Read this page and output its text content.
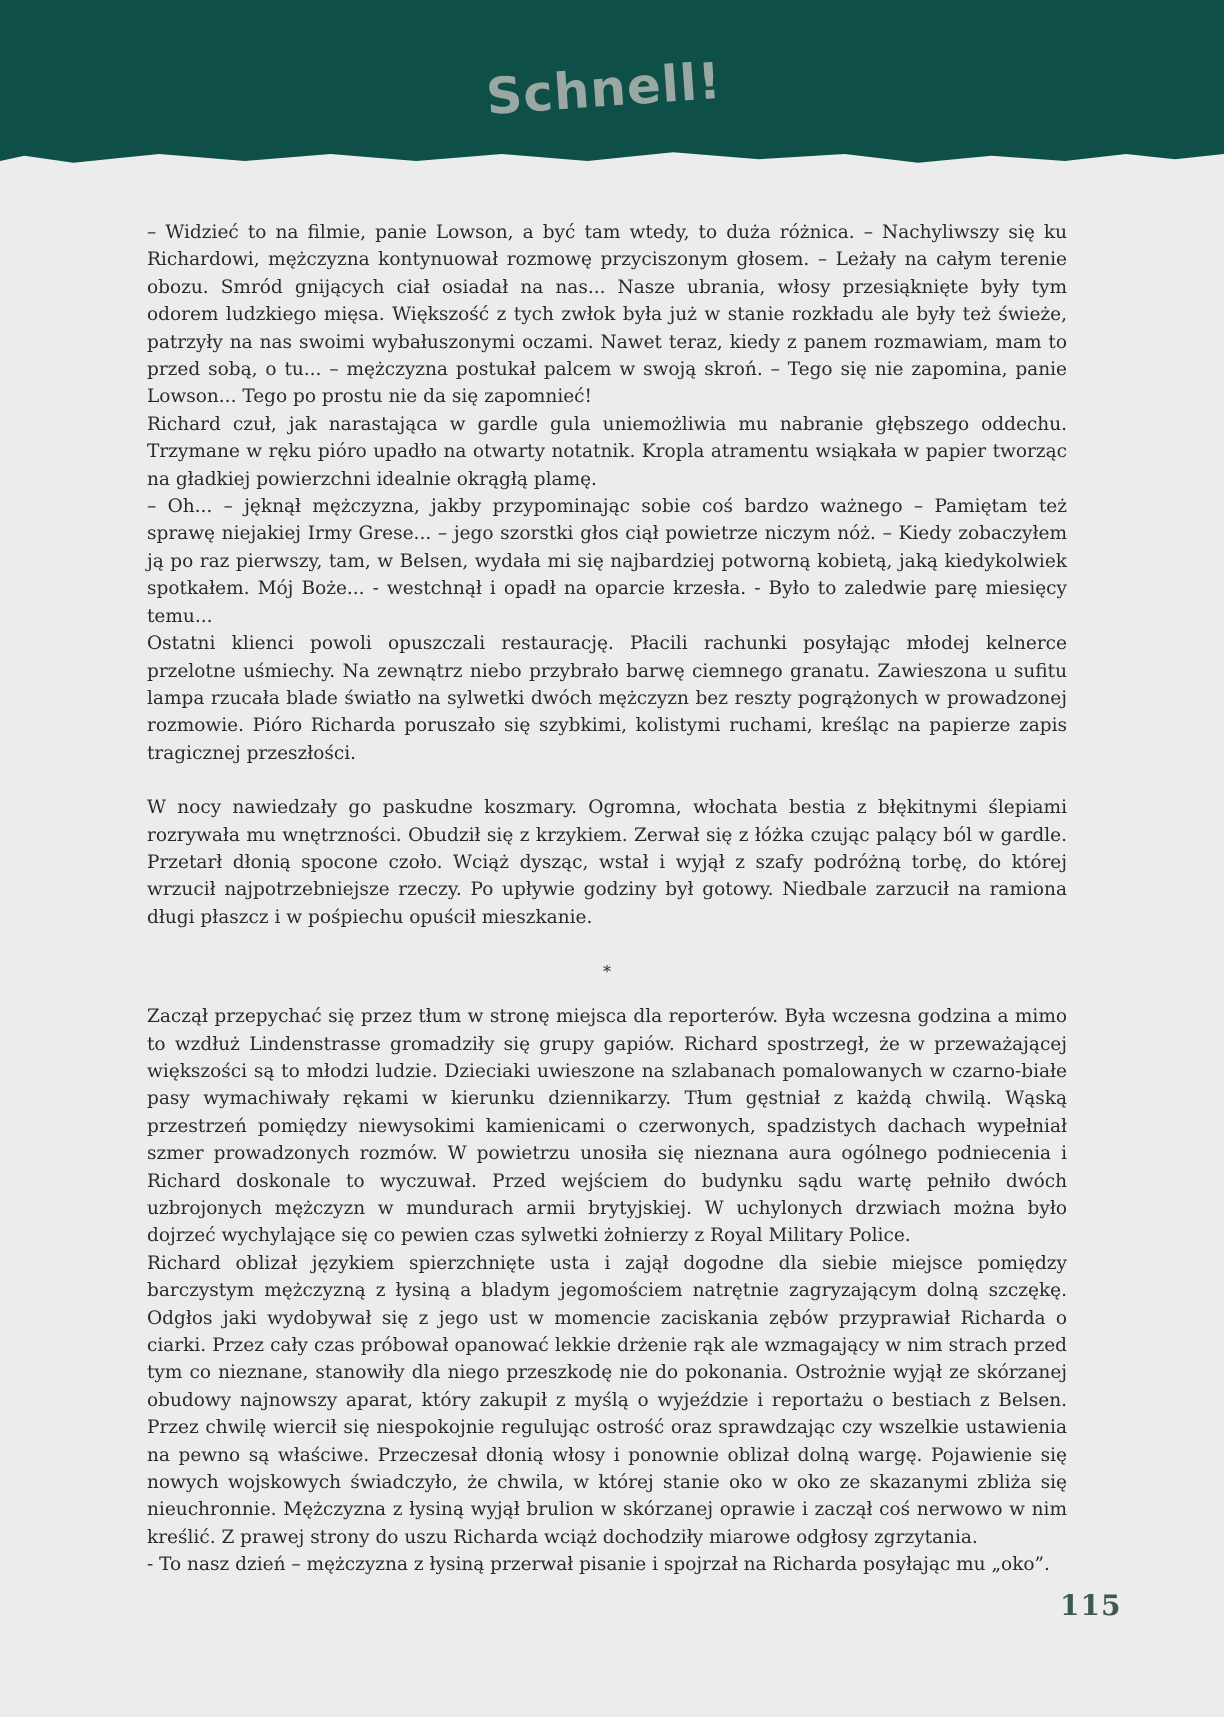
Schnell!

– Widzieć to na filmie, panie Lowson, a być tam wtedy, to duża różnica. – Nachyliwszy się ku Richardowi, mężczyzna kontynuował rozmowę przyciszonym głosem. – Leżały na całym terenie obozu. Smród gnijących ciał osiadał na nas... Nasze ubrania, włosy przesiąknięte były tym odorem ludzkiego mięsa. Większość z tych zwłok była już w stanie rozkładu ale były też świeże, patrzyły na nas swoimi wybałuszonymi oczami. Nawet teraz, kiedy z panem rozmawiam, mam to przed sobą, o tu... – mężczyzna postukał palcem w swoją skroń. – Tego się nie zapomina, panie Lowson... Tego po prostu nie da się zapomnieć!

Richard czuł, jak narastająca w gardle gula uniemożliwia mu nabranie głębszego oddechu. Trzymane w ręku pióro upadło na otwarty notatnik. Kropla atramentu wsiąkała w papier tworząc na gładkiej powierzchni idealnie okrągłą plamę.

– Oh... – jęknął mężczyzna, jakby przypominając sobie coś bardzo ważnego – Pamiętam też sprawę niejakiej Irmy Grese... – jego szorstki głos ciął powietrze niczym nóż. – Kiedy zobaczyłem ją po raz pierwszy, tam, w Belsen, wydała mi się najbardziej potworną kobietą, jaką kiedykolwiek spotkałem. Mój Boże... - westchnął i opadł na oparcie krzesła. - Było to zaledwie parę miesięcy temu...

Ostatni klienci powoli opuszczali restaurację. Płacili rachunki posyłając młodej kelnerce przelotne uśmiechy. Na zewnątrz niebo przybrało barwę ciemnego granatu. Zawieszona u sufitu lampa rzucała blade światło na sylwetki dwóch mężczyzn bez reszty pogrążonych w prowadzonej rozmowie. Pióro Richarda poruszało się szybkimi, kolistymi ruchami, kreśląc na papierze zapis tragicznej przeszłości.

W nocy nawiedzały go paskudne koszmary. Ogromna, włochata bestia z błękitnymi ślepiami rozrywała mu wnętrzności. Obudził się z krzykiem. Zerwał się z łóżka czując palący ból w gardle. Przetarł dłonią spocone czoło. Wciąż dysząc, wstał i wyjął z szafy podróżną torbę, do której wrzucił najpotrzebniejsze rzeczy. Po upływie godziny był gotowy. Niedbale zarzucił na ramiona długi płaszcz i w pośpiechu opuścił mieszkanie.

*

Zaczął przepychać się przez tłum w stronę miejsca dla reporterów. Była wczesna godzina a mimo to wzdłuż Lindenstrasse gromadziły się grupy gapiów. Richard spostrzegł, że w przeważającej większości są to młodzi ludzie. Dzieciaki uwieszone na szlabanach pomalowanych w czarno-białe pasy wymachiwały rękami w kierunku dziennikarzy. Tłum gęstniał z każdą chwilą. Wąską przestrzeń pomiędzy niewysokimi kamienicami o czerwonych, spadzistych dachach wypełniał szmer prowadzonych rozmów. W powietrzu unosiła się nieznana aura ogólnego podniecenia i Richard doskonale to wyczuwał. Przed wejściem do budynku sądu wartę pełniło dwóch uzbrojonych mężczyzn w mundurach armii brytyjskiej. W uchylonych drzwiach można było dojrzeć wychylające się co pewien czas sylwetki żołnierzy z Royal Military Police.

Richard oblizał językiem spierzchnięte usta i zajął dogodne dla siebie miejsce pomiędzy barczystym mężczyzną z łysiną a bladym jegomościem natrętnie zagryzającym dolną szczękę. Odgłos jaki wydobywał się z jego ust w momencie zaciskania zębów przyprawiał Richarda o ciarki. Przez cały czas próbował opanować lekkie drżenie rąk ale wzmagający w nim strach przed tym co nieznane, stanowiły dla niego przeszkodę nie do pokonania. Ostrożnie wyjął ze skórzanej obudowy najnowszy aparat, który zakupił z myślą o wyjeździe i reportażu o bestiach z Belsen. Przez chwilę wiercił się niespokojnie regulując ostrość oraz sprawdzając czy wszelkie ustawienia na pewno są właściwe. Przeczesał dłonią włosy i ponownie oblizał dolną wargę. Pojawienie się nowych wojskowych świadczyło, że chwila, w której stanie oko w oko ze skazanymi zbliża się nieuchronnie. Mężczyzna z łysiną wyjął brulion w skórzanej oprawie i zaczął coś nerwowo w nim kreślić. Z prawej strony do uszu Richarda wciąż dochodziły miarowe odgłosy zgrzytania.

- To nasz dzień – mężczyzna z łysiną przerwał pisanie i spojrzał na Richarda posyłając mu „oko”.

115
